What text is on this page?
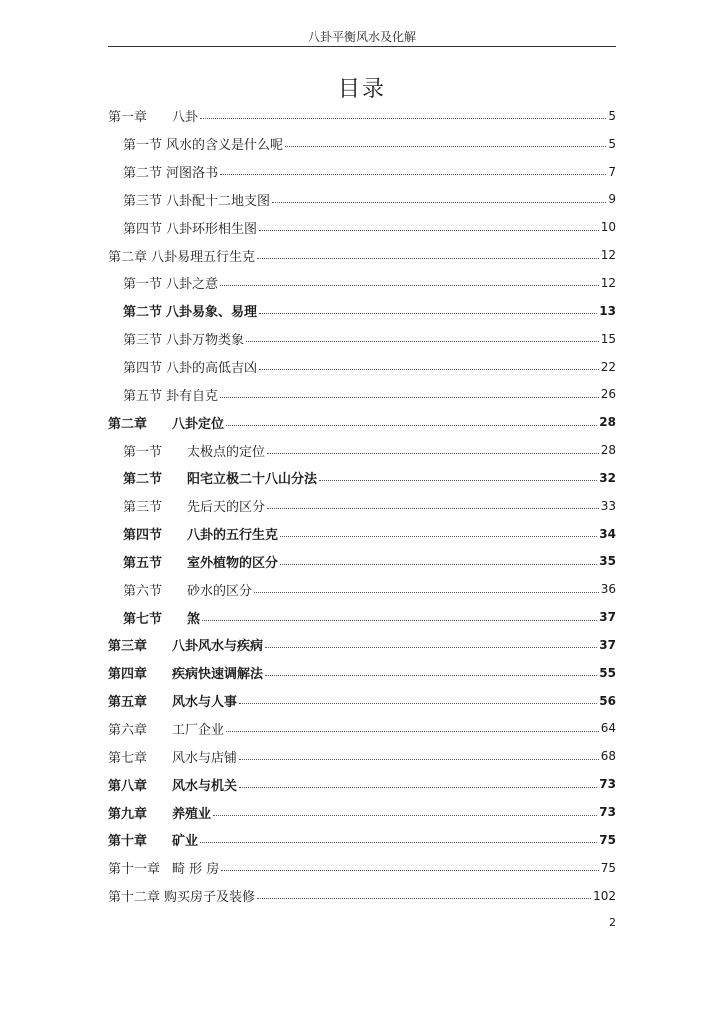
八卦平衡风水及化解
目录
第一章	八卦	5
第一节 风水的含义是什么呢	5
第二节 河图洛书	7
第三节 八卦配十二地支图	9
第四节 八卦环形相生图	10
第二章 八卦易理五行生克	12
第一节 八卦之意	12
第二节 八卦易象、易理	13
第三节 八卦万物类象	15
第四节 八卦的高低吉凶	22
第五节 卦有自克	26
第二章	八卦定位	28
第一节	太极点的定位	28
第二节	阳宅立极二十八山分法	32
第三节	先后天的区分	33
第四节	八卦的五行生克	34
第五节	室外植物的区分	35
第六节	砂水的区分	36
第七节	煞	37
第三章	八卦风水与疾病	37
第四章	疾病快速调解法	55
第五章	风水与人事	56
第六章	工厂企业	64
第七章	风水与店铺	68
第八章	风水与机关	73
第九章	养殖业	73
第十章	矿业	75
第十一章 畸 形 房	75
第十二章 购买房子及装修	102
2
